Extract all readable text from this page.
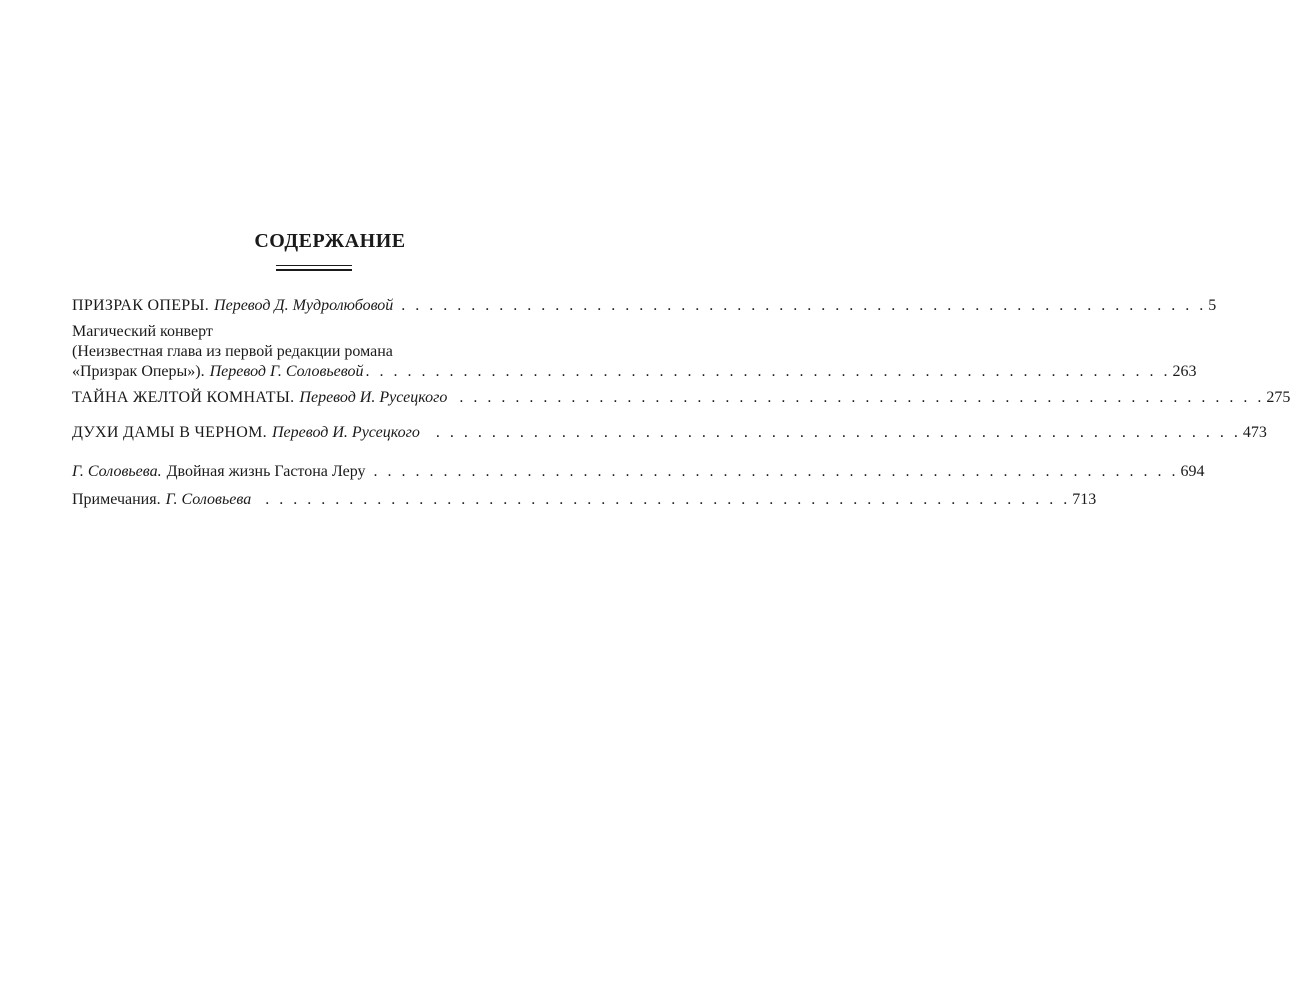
СОДЕРЖАНИЕ
ПРИЗРАК ОПЕРЫ. Перевод Д. Мудролюбовой . . . . . . . . . . . . . . . . . . . . . . . . . . . . . . . . . . . . . . . . . . . . . . . . . . . . . . . . . . 5
Магический конверт
(Неизвестная глава из первой редакции романа
«Призрак Оперы»). Перевод Г. Соловьевой . . . . . . . . . . . . . . . . . . . . . . . . . . . . . . . . . . . . . . . . . . . . . . . . . . . . . . . . . . 263
ТАЙНА ЖЕЛТОЙ КОМНАТЫ. Перевод И. Русецкого . . . . . . . . . . . . . . . . . . . . . . . . . . . . . . . . . . . . . . . . . . . . . . . . . . . . . . . . . . 275
ДУХИ ДАМЫ В ЧЕРНОМ. Перевод И. Русецкого . . . . . . . . . . . . . . . . . . . . . . . . . . . . . . . . . . . . . . . . . . . . . . . . . . . . . . . . . . 473
Г. Соловьева. Двойная жизнь Гастона Леру . . . . . . . . . . . . . . . . . . . . . . . . . . . . . . . . . . . . . . . . . . . . . . . . . . . . . . . . . . 694
Примечания. Г. Соловьева . . . . . . . . . . . . . . . . . . . . . . . . . . . . . . . . . . . . . . . . . . . . . . . . . . . . . . . . . . 713
